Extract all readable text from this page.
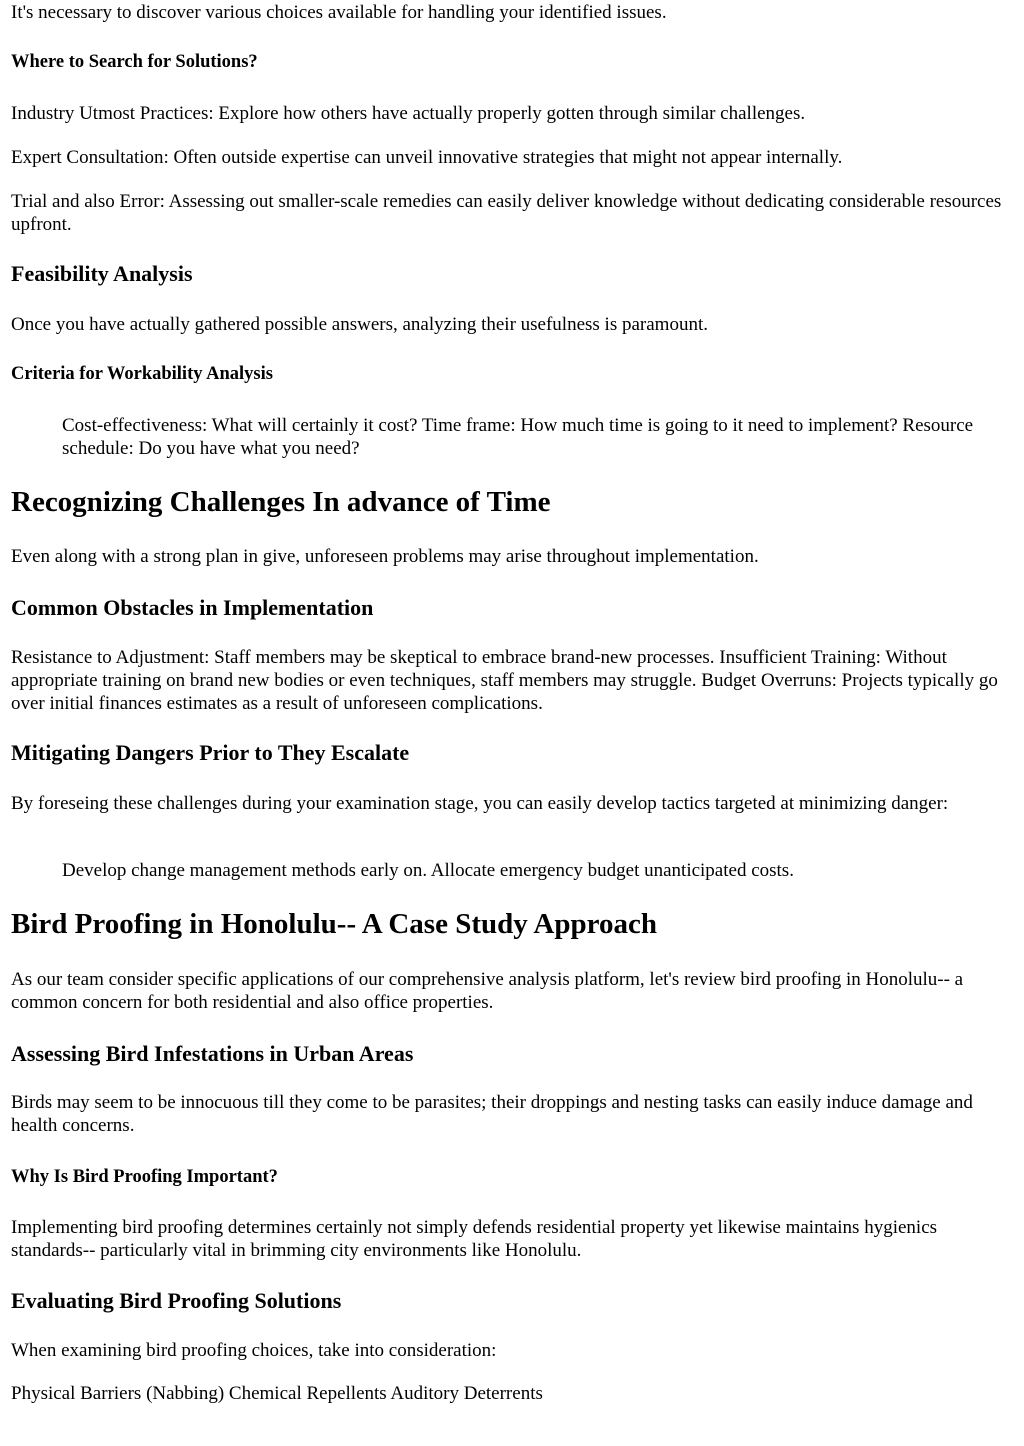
It's necessary to discover various choices available for handling your identified issues.

Where to Search for Solutions?

Industry Utmost Practices: Explore how others have actually properly gotten through similar challenges.

Expert Consultation: Often outside expertise can unveil innovative strategies that might not appear internally.

Trial and also Error: Assessing out smaller-scale remedies can easily deliver knowledge without dedicating considerable resources upfront.

Feasibility Analysis

Once you have actually gathered possible answers, analyzing their usefulness is paramount.

Criteria for Workability Analysis

Cost-effectiveness: What will certainly it cost? Time frame: How much time is going to it need to implement? Resource schedule: Do you have what you need?

Recognizing Challenges In advance of Time

Even along with a strong plan in give, unforeseen problems may arise throughout implementation.

Common Obstacles in Implementation

Resistance to Adjustment: Staff members may be skeptical to embrace brand-new processes. Insufficient Training: Without appropriate training on brand new bodies or even techniques, staff members may struggle. Budget Overruns: Projects typically go over initial finances estimates as a result of unforeseen complications.

Mitigating Dangers Prior to They Escalate

By foreseing these challenges during your examination stage, you can easily develop tactics targeted at minimizing danger:

Develop change management methods early on. Allocate emergency budget unanticipated costs.

Bird Proofing in Honolulu-- A Case Study Approach

As our team consider specific applications of our comprehensive analysis platform, let's review bird proofing in Honolulu-- a common concern for both residential and also office properties.

Assessing Bird Infestations in Urban Areas

Birds may seem to be innocuous till they come to be parasites; their droppings and nesting tasks can easily induce damage and health concerns.

Why Is Bird Proofing Important?

Implementing bird proofing determines certainly not simply defends residential property yet likewise maintains hygienics standards-- particularly vital in brimming city environments like Honolulu.

Evaluating Bird Proofing Solutions

When examining bird proofing choices, take into consideration:

Physical Barriers (Nabbing) Chemical Repellents Auditory Deterrents
